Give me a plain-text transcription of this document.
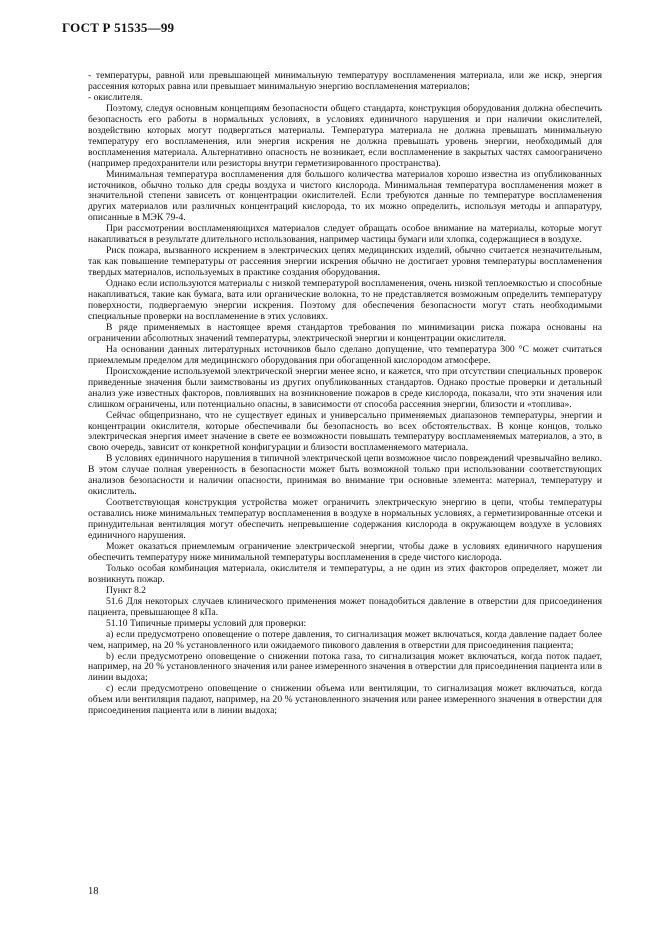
ГОСТ Р 51535—99

- температуры, равной или превышающей минимальную температуру воспламенения материала, или же искр, энергия рассеяния которых равна или превышает минимальную энергию воспламенения материалов;

- окислителя.

Поэтому, следуя основным концепциям безопасности общего стандарта, конструкция оборудования должна обеспечить безопасность его работы в нормальных условиях, в условиях единичного нарушения и при наличии окислителей, воздействию которых могут подвергаться материалы. Температура материала не должна превышать минимальную температуру его воспламенения, или энергия искрения не должна превышать уровень энергии, необходимый для воспламенения материала. Альтернативно опасность не возникает, если воспламенение в закрытых частях самоограничено (например предохранители или резисторы внутри герметизированного пространства).

Минимальная температура воспламенения для большого количества материалов хорошо известна из опубликованных источников, обычно только для среды воздуха и чистого кислорода. Минимальная температура воспламенения может в значительной степени зависеть от концентрации окислителей. Если требуются данные по температуре воспламенения других материалов или различных концентраций кислорода, то их можно определить, используя методы и аппаратуру, описанные в МЭК 79-4.

При рассмотрении воспламеняющихся материалов следует обращать особое внимание на материалы, которые могут накапливаться в результате длительного использования, например частицы бумаги или хлопка, содержащиеся в воздухе.

Риск пожара, вызванного искрением в электрических цепях медицинских изделий, обычно считается незначительным, так как повышение температуры от рассеяния энергии искрения обычно не достигает уровня температуры воспламенения твердых материалов, используемых в практике создания оборудования.

Однако если используются материалы с низкой температурой воспламенения, очень низкой теплоемкостью и способные накапливаться, такие как бумага, вата или органические волокна, то не представляется возможным определить температуру поверхности, подвергаемую энергии искрения. Поэтому для обеспечения безопасности могут стать необходимыми специальные проверки на воспламенение в этих условиях.

В ряде применяемых в настоящее время стандартов требования по минимизации риска пожара основаны на ограничении абсолютных значений температуры, электрической энергии и концентрации окислителя.

На основании данных литературных источников было сделано допущение, что температура 300 °С может считаться приемлемым пределом для медицинского оборудования при обогащенной кислородом атмосфере.

Происхождение используемой электрической энергии менее ясно, и кажется, что при отсутствии специальных проверок приведенные значения были заимствованы из других опубликованных стандартов. Однако простые проверки и детальный анализ уже известных факторов, повлиявших на возникновение пожаров в среде кислорода, показали, что эти значения или слишком ограничены, или потенциально опасны, в зависимости от способа рассеяния энергии, близости и «топлива».

Сейчас общепризнано, что не существует единых и универсально применяемых диапазонов температуры, энергии и концентрации окислителя, которые обеспечивали бы безопасность во всех обстоятельствах. В конце концов, только электрическая энергия имеет значение в свете ее возможности повышать температуру воспламеняемых материалов, а это, в свою очередь, зависит от конкретной конфигурации и близости воспламеняемого материала.

В условиях единичного нарушения в типичной электрической цепи возможное число повреждений чрезвычайно велико. В этом случае полная уверенность в безопасности может быть возможной только при использовании соответствующих анализов безопасности и наличии опасности, принимая во внимание три основные элемента: материал, температуру и окислитель.

Соответствующая конструкция устройства может ограничить электрическую энергию в цепи, чтобы температуры оставались ниже минимальных температур воспламенения в воздухе в нормальных условиях, а герметизированные отсеки и принудительная вентиляция могут обеспечить непревышение содержания кислорода в окружающем воздухе в условиях единичного нарушения.

Может оказаться приемлемым ограничение электрической энергии, чтобы даже в условиях единичного нарушения обеспечить температуру ниже минимальной температуры воспламенения в среде чистого кислорода.

Только особая комбинация материала, окислителя и температуры, а не один из этих факторов определяет, может ли возникнуть пожар.

Пункт 8.2

51.6 Для некоторых случаев клинического применения может понадобиться давление в отверстии для присоединения пациента, превышающее 8 кПа.

51.10 Типичные примеры условий для проверки:

а) если предусмотрено оповещение о потере давления, то сигнализация может включаться, когда давление падает более чем, например, на 20 % установленного или ожидаемого пикового давления в отверстии для присоединения пациента;

b) если предусмотрено оповещение о снижении потока газа, то сигнализация может включаться, когда поток падает, например, на 20 % установленного значения или ранее измеренного значения в отверстии для присоединения пациента или в линии выдоха;

с) если предусмотрено оповещение о снижении объема или вентиляции, то сигнализация может включаться, когда объем или вентиляция падают, например, на 20 % установленного значения или ранее измеренного значения в отверстии для присоединения пациента или в линии выдоха;

18
